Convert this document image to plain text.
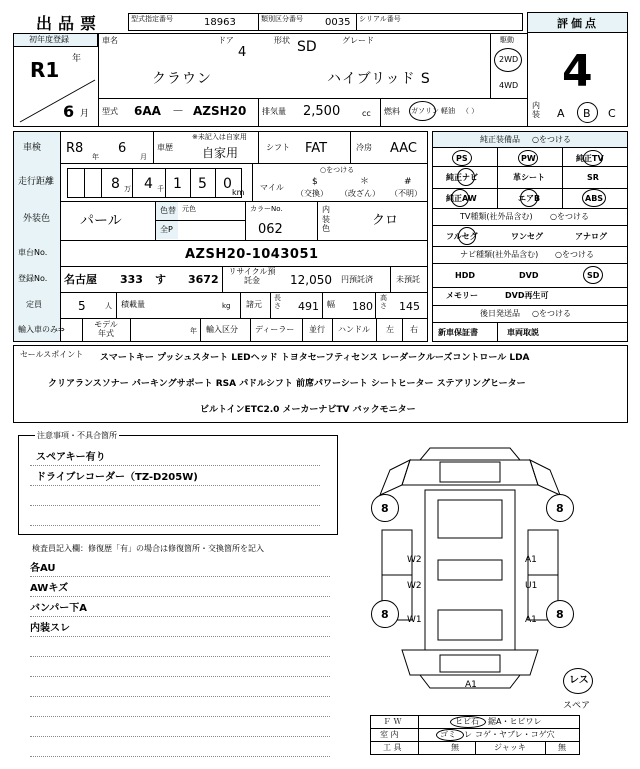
出品票	型式指定番号	18963	類別区分番号 0035 シリアル番号	評価点
4
初年度登録
R1 年
6 月
車名	ドア
4
形状 SD	グレード
クラウン	ハイブリッド S
駆動
2WD
4WD
型式 6AA － AZSH20 排気量 2,500	cc 燃料 ガソリン 軽油 （ ）
内装 A B C
車検 R8
年
6
月
車歴
※未記入は自家用
自家用	シフト FAT	冷房 AAC
走行距離	8 万 4 千 1 5 0
km
マイル
○をつける
$
（交換）
＊
（改ざん）
#
（不明）
外装色 パール
色替
全P
元色	カラーNo.
062
内装色
クロ
車台No.	AZSH20-1043051
登録No. 名古屋 333 す 3672
リサイクル預託金	12,050 円預託済	未預託
定員	5	人 積載量	kg 諸元
長さ 491 幅 180
高さ 145
輸入車のみ⇒
モデル年式	年 輸入区分 ディーラー 並行 ハンドル 左 右
純正装備品 ○をつける
PS	PW	純正TV
純正ナビ	革シート	SR
純正AW	エアB	ABS
TV種類(社外品含む) ○をつける
フルセグ	ワンセグ	アナログ
ナビ種類(社外品含む) ○をつける
HDD	DVD	SD
メモリー	DVD再生可
後日発送品 ○をつける
新車保証書	車両取説
セールスポイント スマートキー プッシュスタート LEDヘッド トヨタセーフティセンス レーダークルーズコントロール LDA
クリアランスソナー パーキングサポート RSA パドルシフト 前席パワーシート シートヒーター ステアリングヒーター
ビルトインETC2.0 メーカーナビTV バックモニター
注意事項・不具合箇所
スペアキー有り
ドライブレコーダー（TZ-D205W)
検査員記入欄：修復歴「有」の場合は修復箇所・交換箇所を記入
各AU
AWキズ
バンパー下A
内装スレ
8	8
8	8
W2	A1
W2	U1
W1	A1
A1	レス
スペア
Ｆ Ｗ	ヒビ石 鋸A・ヒビワレ
室 内	ゴミ レ コゲ・ヤブレ・コゲ穴
工 具	無	ジャッキ	無
